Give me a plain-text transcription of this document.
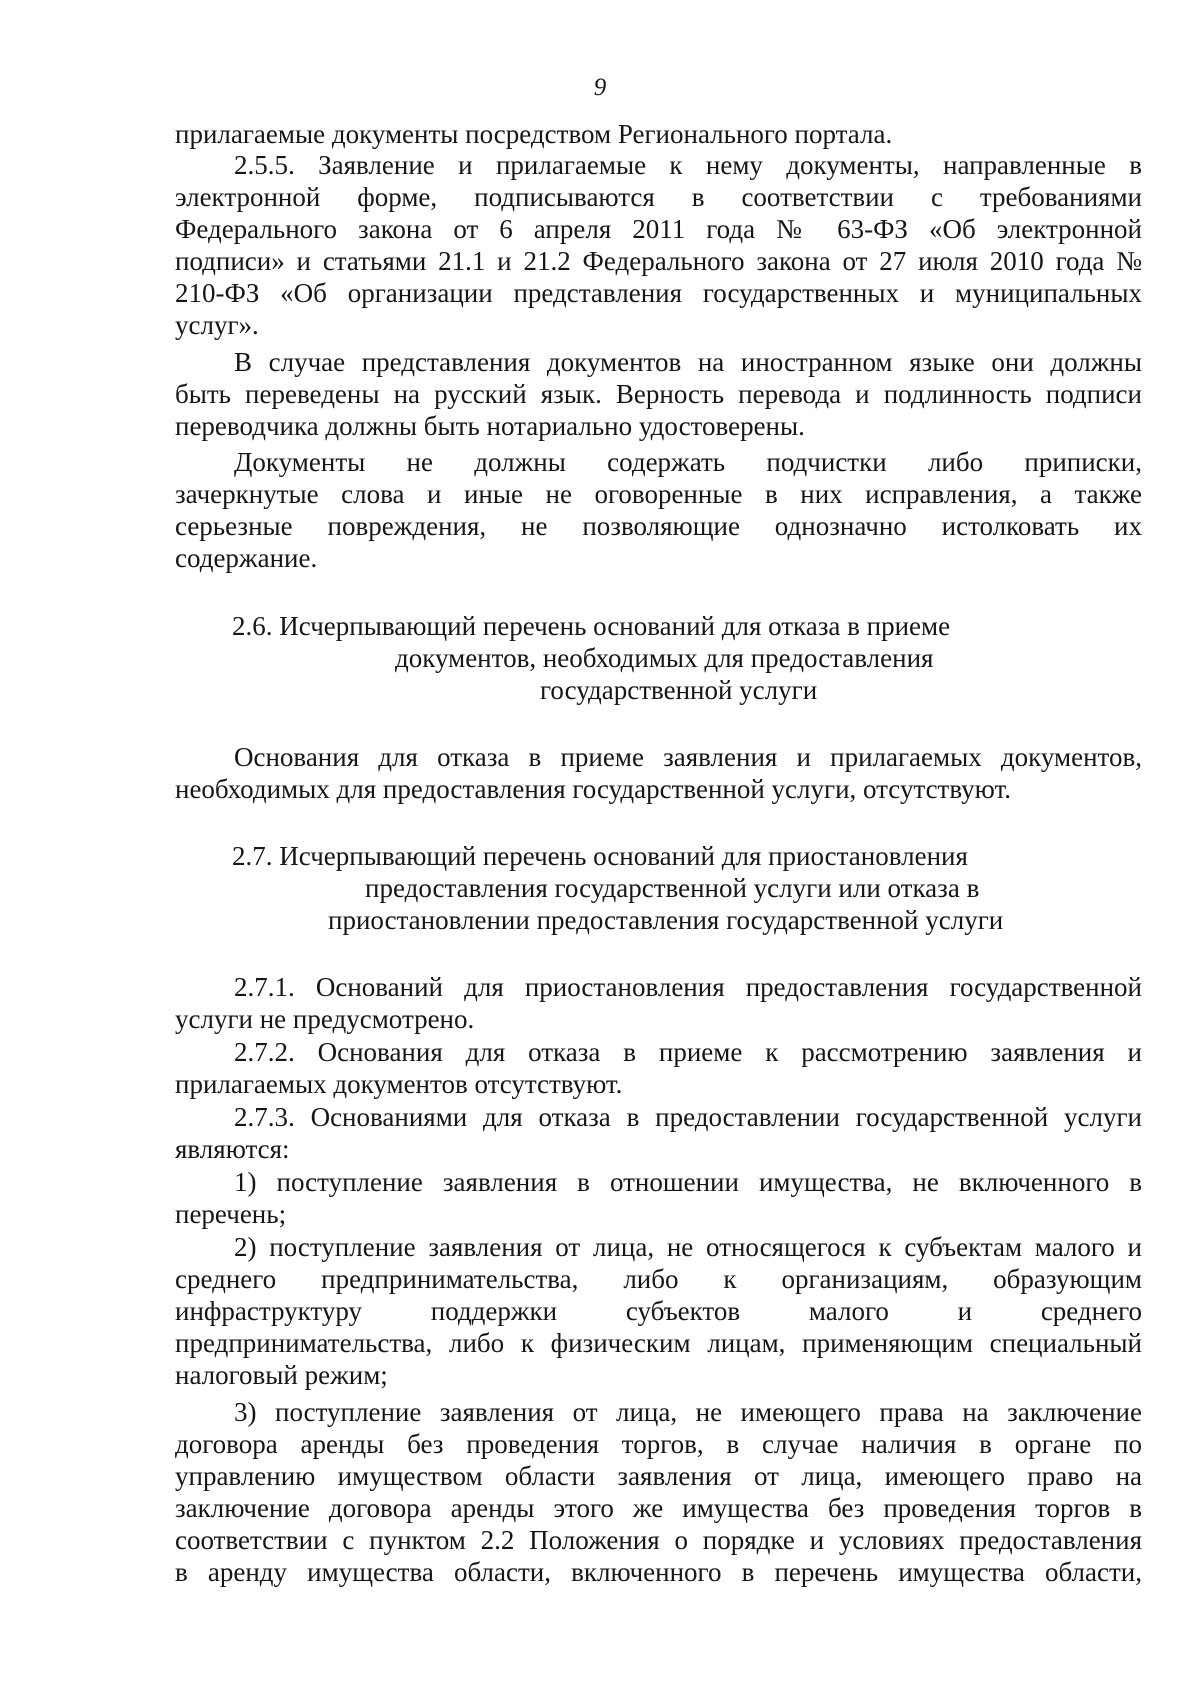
9
прилагаемые документы посредством Регионального портала.
2.5.5. Заявление и прилагаемые к нему документы, направленные в
электронной форме, подписываются в соответствии с требованиями
Федерального закона от 6 апреля 2011 года № 63-ФЗ «Об электронной
подписи» и статьями 21.1 и 21.2 Федерального закона от 27 июля 2010 года №
210-ФЗ «Об организации представления государственных и муниципальных
услуг».
В случае представления документов на иностранном языке они должны
быть переведены на русский язык. Верность перевода и подлинность подписи
переводчика должны быть нотариально удостоверены.
Документы не должны содержать подчистки либо приписки,
зачеркнутые слова и иные не оговоренные в них исправления, а также
серьезные повреждения, не позволяющие однозначно истолковать их
содержание.
2.6. Исчерпывающий перечень оснований для отказа в приеме
документов, необходимых для предоставления
государственной услуги
Основания для отказа в приеме заявления и прилагаемых документов,
необходимых для предоставления государственной услуги, отсутствуют.
2.7. Исчерпывающий перечень оснований для приостановления
предоставления государственной услуги или отказа в
приостановлении предоставления государственной услуги
2.7.1. Оснований для приостановления предоставления государственной
услуги не предусмотрено.
2.7.2. Основания для отказа в приеме к рассмотрению заявления и
прилагаемых документов отсутствуют.
2.7.3. Основаниями для отказа в предоставлении государственной услуги
являются:
1) поступление заявления в отношении имущества, не включенного в
перечень;
2) поступление заявления от лица, не относящегося к субъектам малого и
среднего предпринимательства, либо к организациям, образующим
инфраструктуру поддержки субъектов малого и среднего
предпринимательства, либо к физическим лицам, применяющим специальный
налоговый режим;
3) поступление заявления от лица, не имеющего права на заключение
договора аренды без проведения торгов, в случае наличия в органе по
управлению имуществом области заявления от лица, имеющего право на
заключение договора аренды этого же имущества без проведения торгов в
соответствии с пунктом 2.2 Положения о порядке и условиях предоставления
в аренду имущества области, включенного в перечень имущества области,
